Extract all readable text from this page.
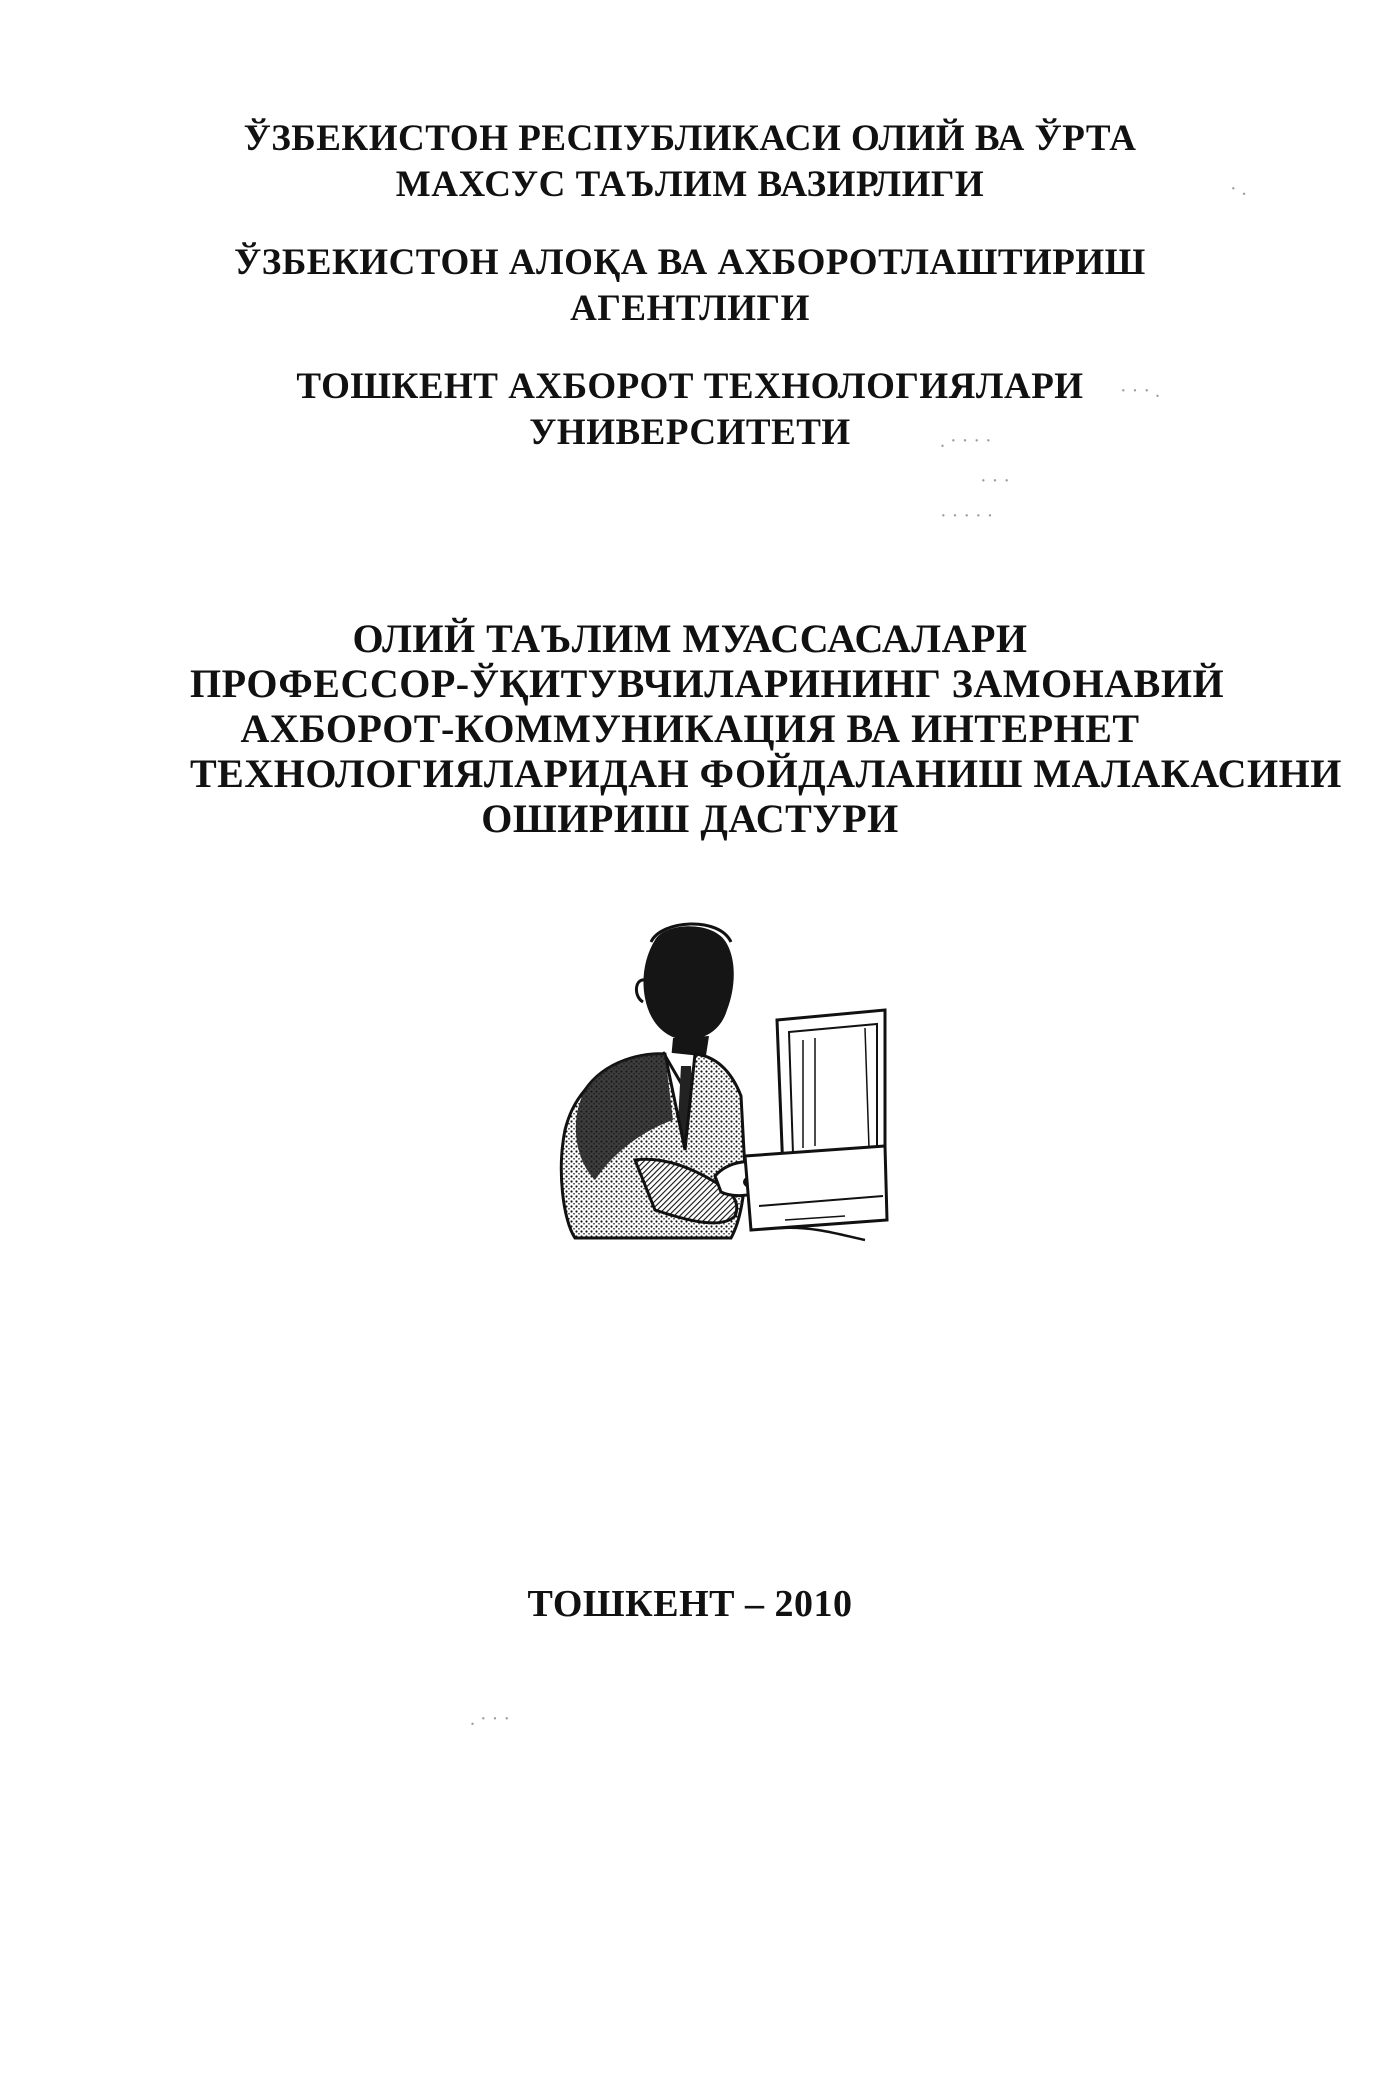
ЎЗБЕКИСТОН РЕСПУБЛИКАСИ ОЛИЙ ВА ЎРТА
МАХСУС ТАЪЛИМ ВАЗИРЛИГИ
ЎЗБЕКИСТОН АЛОҚА ВА АХБОРОТЛАШТИРИШ
АГЕНТЛИГИ
ТОШКЕНТ АХБОРОТ ТЕХНОЛОГИЯЛАРИ
УНИВЕРСИТЕТИ
ОЛИЙ ТАЪЛИМ МУАССАСАЛАРИ
ПРОФЕССОР-ЎҚИТУВЧИЛАРИНИНГ ЗАМОНАВИЙ
АХБОРОТ-КОММУНИКАЦИЯ ВА ИНТЕРНЕТ
ТЕХНОЛОГИЯЛАРИДАН ФОЙДАЛАНИШ МАЛАКАСИНИ
ОШИРИШ ДАСТУРИ
· .
· · · .
. · · · ·
· · ·
· · · · ·
. · · ·
ТОШКЕНТ – 2010
